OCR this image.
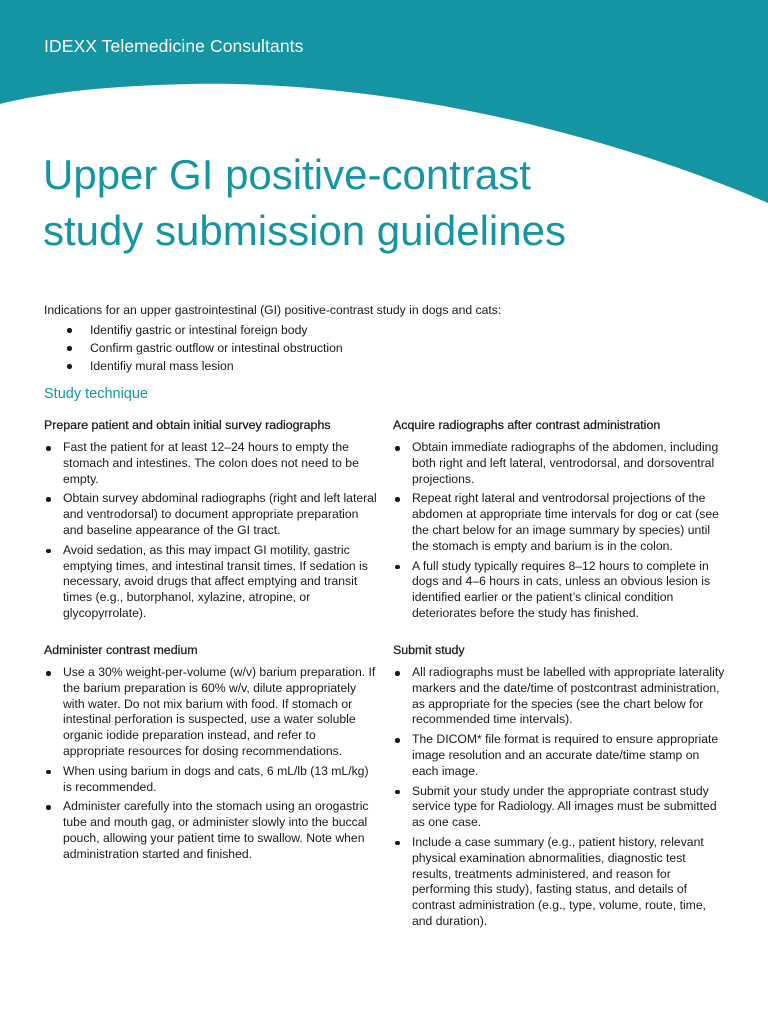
IDEXX Telemedicine Consultants
Upper GI positive-contrast
study submission guidelines

Indications for an upper gastrointestinal (GI) positive-contrast study in dogs and cats:

Identifiy gastric or intestinal foreign body
Confirm gastric outflow or intestinal obstruction
Identifiy mural mass lesion
Study technique
Prepare patient and obtain initial survey radiographs
Fast the patient for at least 12–24 hours to empty the stomach and intestines. The colon does not need to be empty.
Obtain survey abdominal radiographs (right and left lateral and ventrodorsal) to document appropriate preparation and baseline appearance of the GI tract.
Avoid sedation, as this may impact GI motility, gastric emptying times, and intestinal transit times. If sedation is necessary, avoid drugs that affect emptying and transit times (e.g., butorphanol, xylazine, atropine, or glycopyrrolate).
Administer contrast medium
Use a 30% weight-per-volume (w/v) barium preparation. If the barium preparation is 60% w/v, dilute appropriately with water. Do not mix barium with food. If stomach or intestinal perforation is suspected, use a water soluble organic iodide preparation instead, and refer to appropriate resources for dosing recommendations.
When using barium in dogs and cats, 6 mL/lb (13 mL/kg) is recommended.
Administer carefully into the stomach using an orogastric tube and mouth gag, or administer slowly into the buccal pouch, allowing your patient time to swallow. Note when administration started and finished.
Acquire radiographs after contrast administration
Obtain immediate radiographs of the abdomen, including both right and left lateral, ventrodorsal, and dorsoventral projections.
Repeat right lateral and ventrodorsal projections of the abdomen at appropriate time intervals for dog or cat (see the chart below for an image summary by species) until the stomach is empty and barium is in the colon.
A full study typically requires 8–12 hours to complete in dogs and 4–6 hours in cats, unless an obvious lesion is identified earlier or the patient’s clinical condition deteriorates before the study has finished.
Submit study
All radiographs must be labelled with appropriate laterality markers and the date/time of postcontrast administration, as appropriate for the species (see the chart below for recommended time intervals).
The DICOM* file format is required to ensure appropriate image resolution and an accurate date/time stamp on each image.
Submit your study under the appropriate contrast study service type for Radiology. All images must be submitted as one case.
Include a case summary (e.g., patient history, relevant physical examination abnormalities, diagnostic test results, treatments administered, and reason for performing this study), fasting status, and details of contrast administration (e.g., type, volume, route, time, and duration).
